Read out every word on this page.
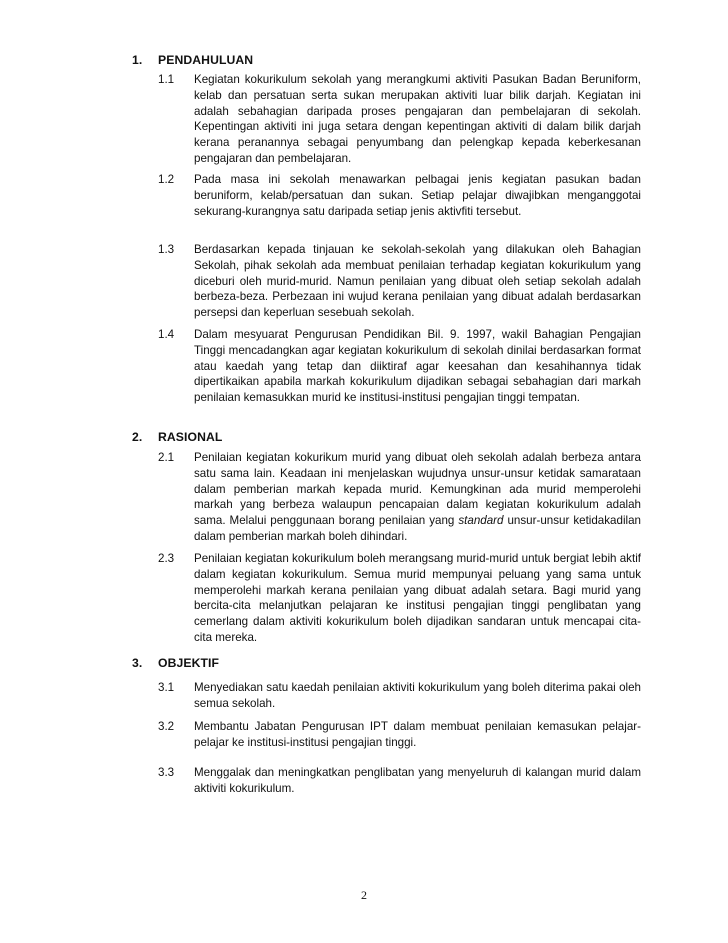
1. PENDAHULUAN
1.1 Kegiatan kokurikulum sekolah yang merangkumi aktiviti Pasukan Badan Beruniform, kelab dan persatuan serta sukan merupakan aktiviti luar bilik darjah. Kegiatan ini adalah sebahagian daripada proses pengajaran dan pembelajaran di sekolah. Kepentingan aktiviti ini juga setara dengan kepentingan aktiviti di dalam bilik darjah kerana peranannya sebagai penyumbang dan pelengkap kepada keberkesanan pengajaran dan pembelajaran.
1.2 Pada masa ini sekolah menawarkan pelbagai jenis kegiatan pasukan badan beruniform, kelab/persatuan dan sukan. Setiap pelajar diwajibkan menganggotai sekurang-kurangnya satu daripada setiap jenis aktivfiti tersebut.
1.3 Berdasarkan kepada tinjauan ke sekolah-sekolah yang dilakukan oleh Bahagian Sekolah, pihak sekolah ada membuat penilaian terhadap kegiatan kokurikulum yang diceburi oleh murid-murid. Namun penilaian yang dibuat oleh setiap sekolah adalah berbeza-beza. Perbezaan ini wujud kerana penilaian yang dibuat adalah berdasarkan persepsi dan keperluan sesebuah sekolah.
1.4 Dalam mesyuarat Pengurusan Pendidikan Bil. 9. 1997, wakil Bahagian Pengajian Tinggi mencadangkan agar kegiatan kokurikulum di sekolah dinilai berdasarkan format atau kaedah yang tetap dan diiktiraf agar keesahan dan kesahihannya tidak dipertikaikan apabila markah kokurikulum dijadikan sebagai sebahagian dari markah penilaian kemasukkan murid ke institusi-institusi pengajian tinggi tempatan.
2. RASIONAL
2.1 Penilaian kegiatan kokurikum murid yang dibuat oleh sekolah adalah berbeza antara satu sama lain. Keadaan ini menjelaskan wujudnya unsur-unsur ketidak samarataan dalam pemberian markah kepada murid. Kemungkinan ada murid memperolehi markah yang berbeza walaupun pencapaian dalam kegiatan kokurikulum adalah sama. Melalui penggunaan borang penilaian yang standard unsur-unsur ketidakadilan dalam pemberian markah boleh dihindari.
2.3 Penilaian kegiatan kokurikulum boleh merangsang murid-murid untuk bergiat lebih aktif dalam kegiatan kokurikulum. Semua murid mempunyai peluang yang sama untuk memperolehi markah kerana penilaian yang dibuat adalah setara. Bagi murid yang bercita-cita melanjutkan pelajaran ke institusi pengajian tinggi penglibatan yang cemerlang dalam aktiviti kokurikulum boleh dijadikan sandaran untuk mencapai cita-cita mereka.
3. OBJEKTIF
3.1 Menyediakan satu kaedah penilaian aktiviti kokurikulum yang boleh diterima pakai oleh semua sekolah.
3.2 Membantu Jabatan Pengurusan IPT dalam membuat penilaian kemasukan pelajar-pelajar ke institusi-institusi pengajian tinggi.
3.3 Menggalak dan meningkatkan penglibatan yang menyeluruh di kalangan murid dalam aktiviti kokurikulum.
2
